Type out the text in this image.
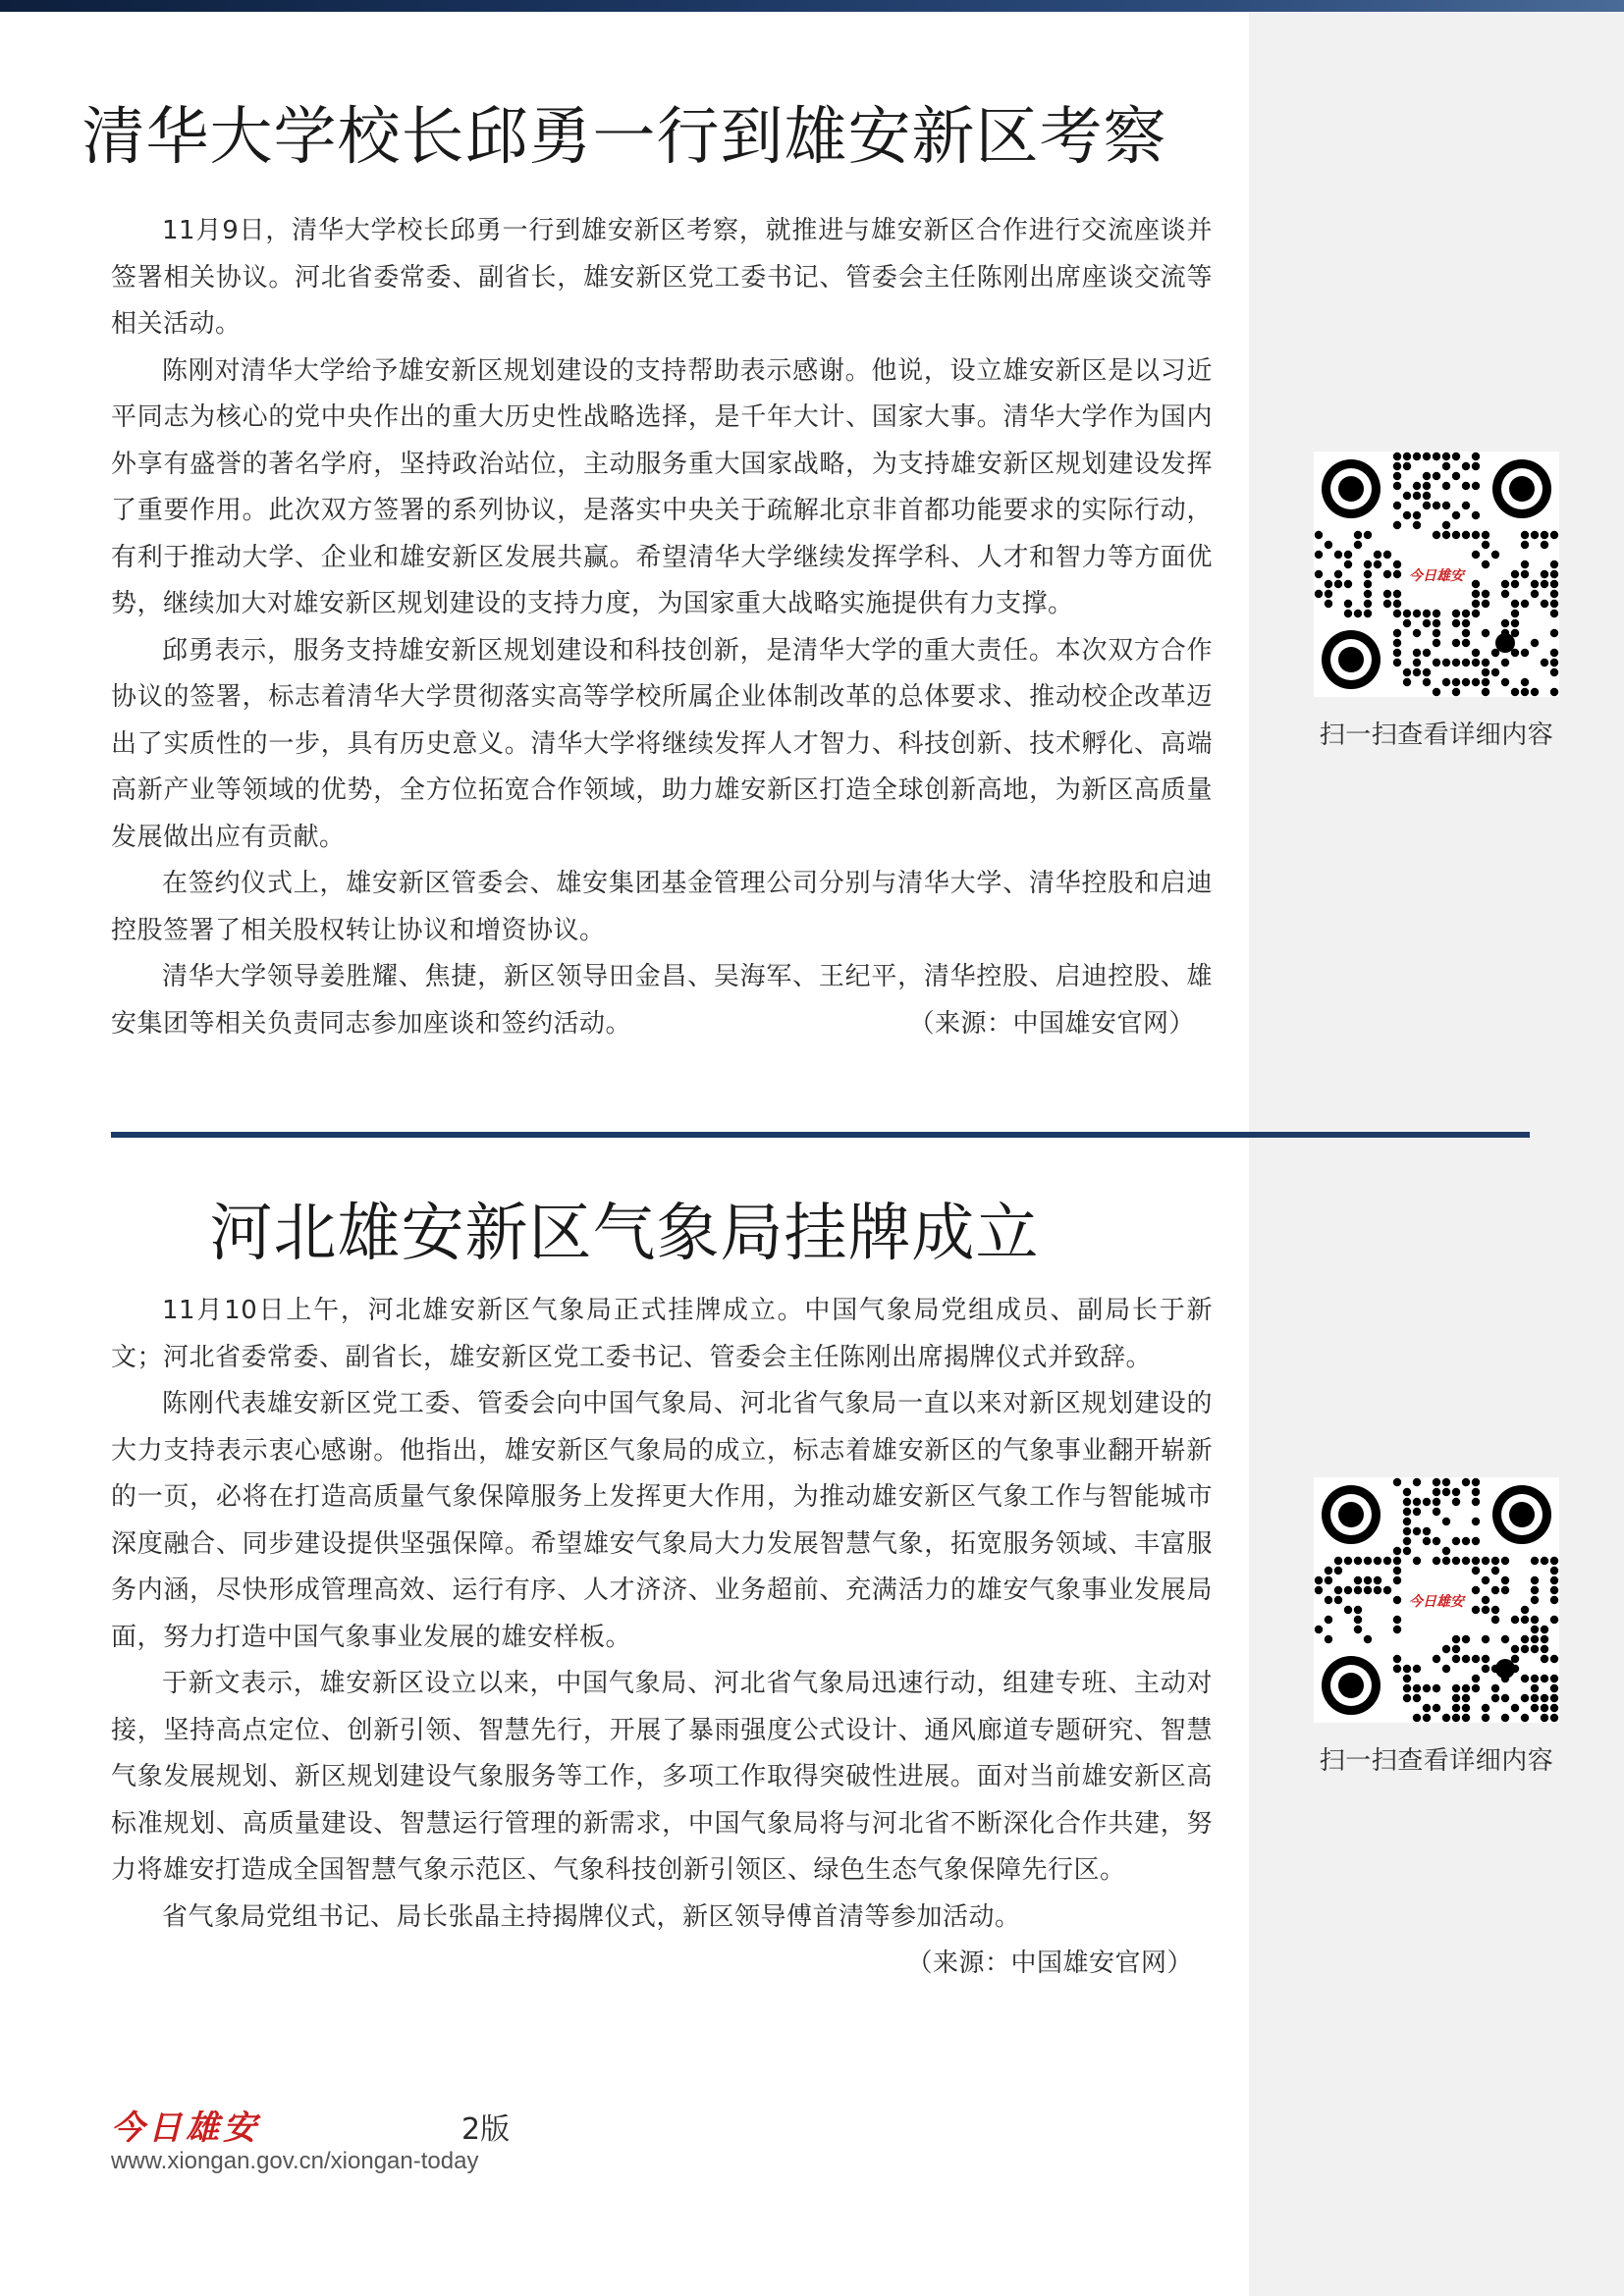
清华大学校长邱勇一行到雄安新区考察

11月9日，清华大学校长邱勇一行到雄安新区考察，就推进与雄安新区合作进行交流座谈并签署相关协议。河北省委常委、副省长，雄安新区党工委书记、管委会主任陈刚出席座谈交流等相关活动。

陈刚对清华大学给予雄安新区规划建设的支持帮助表示感谢。他说，设立雄安新区是以习近平同志为核心的党中央作出的重大历史性战略选择，是千年大计、国家大事。清华大学作为国内外享有盛誉的著名学府，坚持政治站位，主动服务重大国家战略，为支持雄安新区规划建设发挥了重要作用。此次双方签署的系列协议，是落实中央关于疏解北京非首都功能要求的实际行动，有利于推动大学、企业和雄安新区发展共赢。希望清华大学继续发挥学科、人才和智力等方面优势，继续加大对雄安新区规划建设的支持力度，为国家重大战略实施提供有力支撑。

邱勇表示，服务支持雄安新区规划建设和科技创新，是清华大学的重大责任。本次双方合作协议的签署，标志着清华大学贯彻落实高等学校所属企业体制改革的总体要求、推动校企改革迈出了实质性的一步，具有历史意义。清华大学将继续发挥人才智力、科技创新、技术孵化、高端高新产业等领域的优势，全方位拓宽合作领域，助力雄安新区打造全球创新高地，为新区高质量发展做出应有贡献。

在签约仪式上，雄安新区管委会、雄安集团基金管理公司分别与清华大学、清华控股和启迪控股签署了相关股权转让协议和增资协议。

清华大学领导姜胜耀、焦捷，新区领导田金昌、吴海军、王纪平，清华控股、启迪控股、雄安集团等相关负责同志参加座谈和签约活动。	（来源：中国雄安官网）

河北雄安新区气象局挂牌成立

11月10日上午，河北雄安新区气象局正式挂牌成立。中国气象局党组成员、副局长于新文；河北省委常委、副省长，雄安新区党工委书记、管委会主任陈刚出席揭牌仪式并致辞。

陈刚代表雄安新区党工委、管委会向中国气象局、河北省气象局一直以来对新区规划建设的大力支持表示衷心感谢。他指出，雄安新区气象局的成立，标志着雄安新区的气象事业翻开崭新的一页，必将在打造高质量气象保障服务上发挥更大作用，为推动雄安新区气象工作与智能城市深度融合、同步建设提供坚强保障。希望雄安气象局大力发展智慧气象，拓宽服务领域、丰富服务内涵，尽快形成管理高效、运行有序、人才济济、业务超前、充满活力的雄安气象事业发展局面，努力打造中国气象事业发展的雄安样板。

于新文表示，雄安新区设立以来，中国气象局、河北省气象局迅速行动，组建专班、主动对接，坚持高点定位、创新引领、智慧先行，开展了暴雨强度公式设计、通风廊道专题研究、智慧气象发展规划、新区规划建设气象服务等工作，多项工作取得突破性进展。面对当前雄安新区高标准规划、高质量建设、智慧运行管理的新需求，中国气象局将与河北省不断深化合作共建，努力将雄安打造成全国智慧气象示范区、气象科技创新引领区、绿色生态气象保障先行区。

省气象局党组书记、局长张晶主持揭牌仪式，新区领导傅首清等参加活动。

（来源：中国雄安官网）
今日雄安
扫一扫查看详细内容
今日雄安
扫一扫查看详细内容
今日雄安	2版
www.xiongan.gov.cn/xiongan-today
